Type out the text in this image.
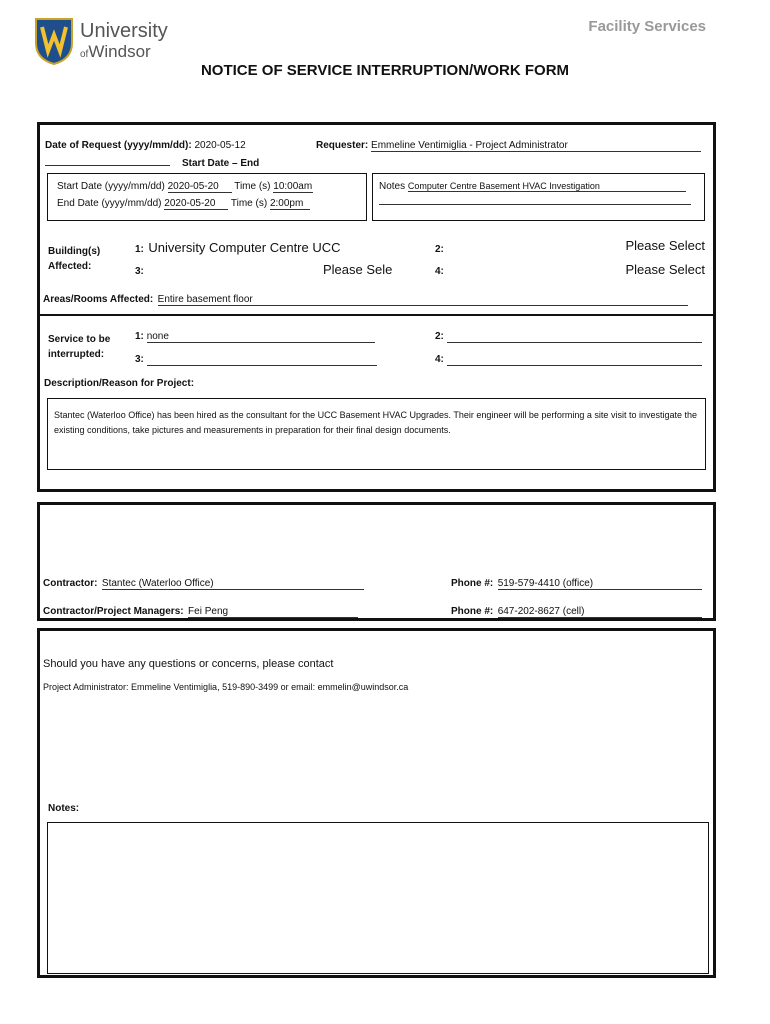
University
ofWindsor
Facility Services
NOTICE OF SERVICE INTERRUPTION/WORK FORM
Date of Request (yyyy/mm/dd): 2020-05-12	Requester: Emmeline Ventimiglia - Project Administrator
Start Date – End
Start Date (yyyy/mm/dd) 2020-05-20 Time (s) 10:00am
End Date (yyyy/mm/dd) 2020-05-20 Time (s) 2:00pm
Notes Computer Centre Basement HVAC Investigation
Building(s)
Affected:
1: University Computer Centre UCC	2:	Please Select
3:	Please Sele	4:	Please Select
Areas/Rooms Affected: Entire basement floor
Service to be
interrupted:
1: none	2:
3:	4:
Description/Reason for Project:
Stantec (Waterloo Office) has been hired as the consultant for the UCC Basement HVAC Upgrades. Their engineer will be performing a site visit to investigate the existing conditions, take pictures and measurements in preparation for their final design documents.
Contractor: Stantec (Waterloo Office)	Phone #: 519-579-4410 (office)
Contractor/Project Managers: Fei Peng	Phone #: 647-202-8627 (cell)
Should you have any questions or concerns, please contact
Project Administrator: Emmeline Ventimiglia, 519-890-3499 or email: emmelin@uwindsor.ca
Notes:
